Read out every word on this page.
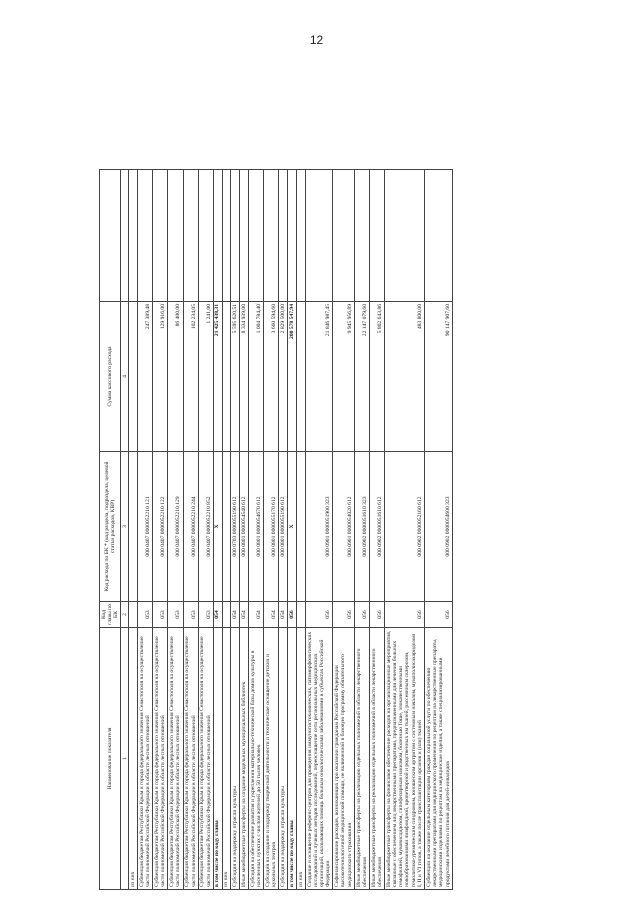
12
Наименование показателя	Код главы по БК	Код расхода по БК * (код раздела, подраздела, целевой статьи расходов, КВР)	Сумма кассового расхода	
1	2	3	4	
из них				
Субвенция бюджетам Республики Крым и города федерального значения Севастополя на осуществление части полномочий Российской Федерации в области лесных отношений	053	000 0407 0000052210 121	247 389,48	
Субвенция бюджетам Республики Крым и города федерального значения Севастополя на осуществление части полномочий Российской Федерации в области лесных отношений	053	000 0407 0000052210 122	129 916,00	
Субвенция бюджетам Республики Крым и города федерального значения Севастополя на осуществление части полномочий Российской Федерации в области лесных отношений	053	000 0407 0000052210 129	86 400,00	
Субвенция бюджетам Республики Крым и города федерального значения Севастополя на осуществление части полномочий Российской Федерации в области лесных отношений	053	000 0407 0000052210 244	102 234,05	
Субвенция бюджетам Республики Крым и города федерального значения Севастополя на осуществление части полномочий Российской Федерации в области лесных отношений	053	000 0407 0000052210 852	1 241,00	
в том числе по коду главы	054	X	21 425 438,31	
из них				
Субсидия на поддержку отрасли культуры	054	000 0703 0000055190 612	5 595 620,51	
Иные межбюджетные трансферты на создание модельных муниципальных библиотек	054	000 0801 0000054540 612	8 334 939,00	
Субсидия на обеспечение развития и укрепления материально-технической базы домов культуры в населенных пунктах с числом жителей до 50 тысяч человек	054	000 0801 0000054670 612	1 004 784,40	
Субсидия на создание и поддержку творческой деятельности и техническое оснащение детских и кукольных театров	054	000 0801 0000055170 612	3 660 594,60	
Субсидия на поддержку отрасли культуры	054	000 0801 0000055190 612	2 829 500,00	
в том числе по коду главы	056	X	200 578 547,94	
из них				
Создание и оснащение референс-центров для проведения иммуногистохимических, патоморфологических исследований и лучевых методов исследований, переоснащение сети региональных медицинских организаций, оказывающих помощь больным онкологическими заболеваниями в субъектах Российской Федерации	056	000 0901 0000051900 323	21 846 987,45	
Софинансирование расходов, возникающих при оказании гражданам Российской Федерации высокотехнологичной медицинской помощи, не включенной в базовую программу обязательного медицинского страхования	056	000 0901 0000054020 612	9 945 956,89	
Иные межбюджетные трансферты на реализацию отдельных полномочий в области лекарственного обеспечения	056	000 0902 0000051610 323	22 147 079,60	
Иные межбюджетные трансферты на реализацию отдельных полномочий в области лекарственного обеспечения	056	000 0902 0000051610 612	5 802 643,86	
Иные межбюджетные трансферты на финансовое обеспечение расходов на организационные мероприятия, связанные с обеспечением лиц лекарственными препаратами, предназначенными для лечения больных гемофилией, муковисцидозом, гипофизарным нанизмом, болезнью Гоше, злокачественными новообразованиями лимфоидной, кроветворной и родственных им тканей, рассеянным склерозом, гемолитико-уремическим синдромом, юношеским артритом с системным началом, мукополисахаридозом I, II и VI типов, а также после трансплантации органов и (или) тканей	056	000 0902 0000052160 612	483 800,00	
Субвенции на оказание отдельным категориям граждан социальной услуги по обеспечению лекарственными препаратами для медицинского применения по рецептам на лекарственные препараты, медицинскими изделиями по рецептам на медицинские изделия, а также специализированными продуктами лечебного питания для детей-инвалидов	056	000 0902 0000054600 323	90 147 907,60	
